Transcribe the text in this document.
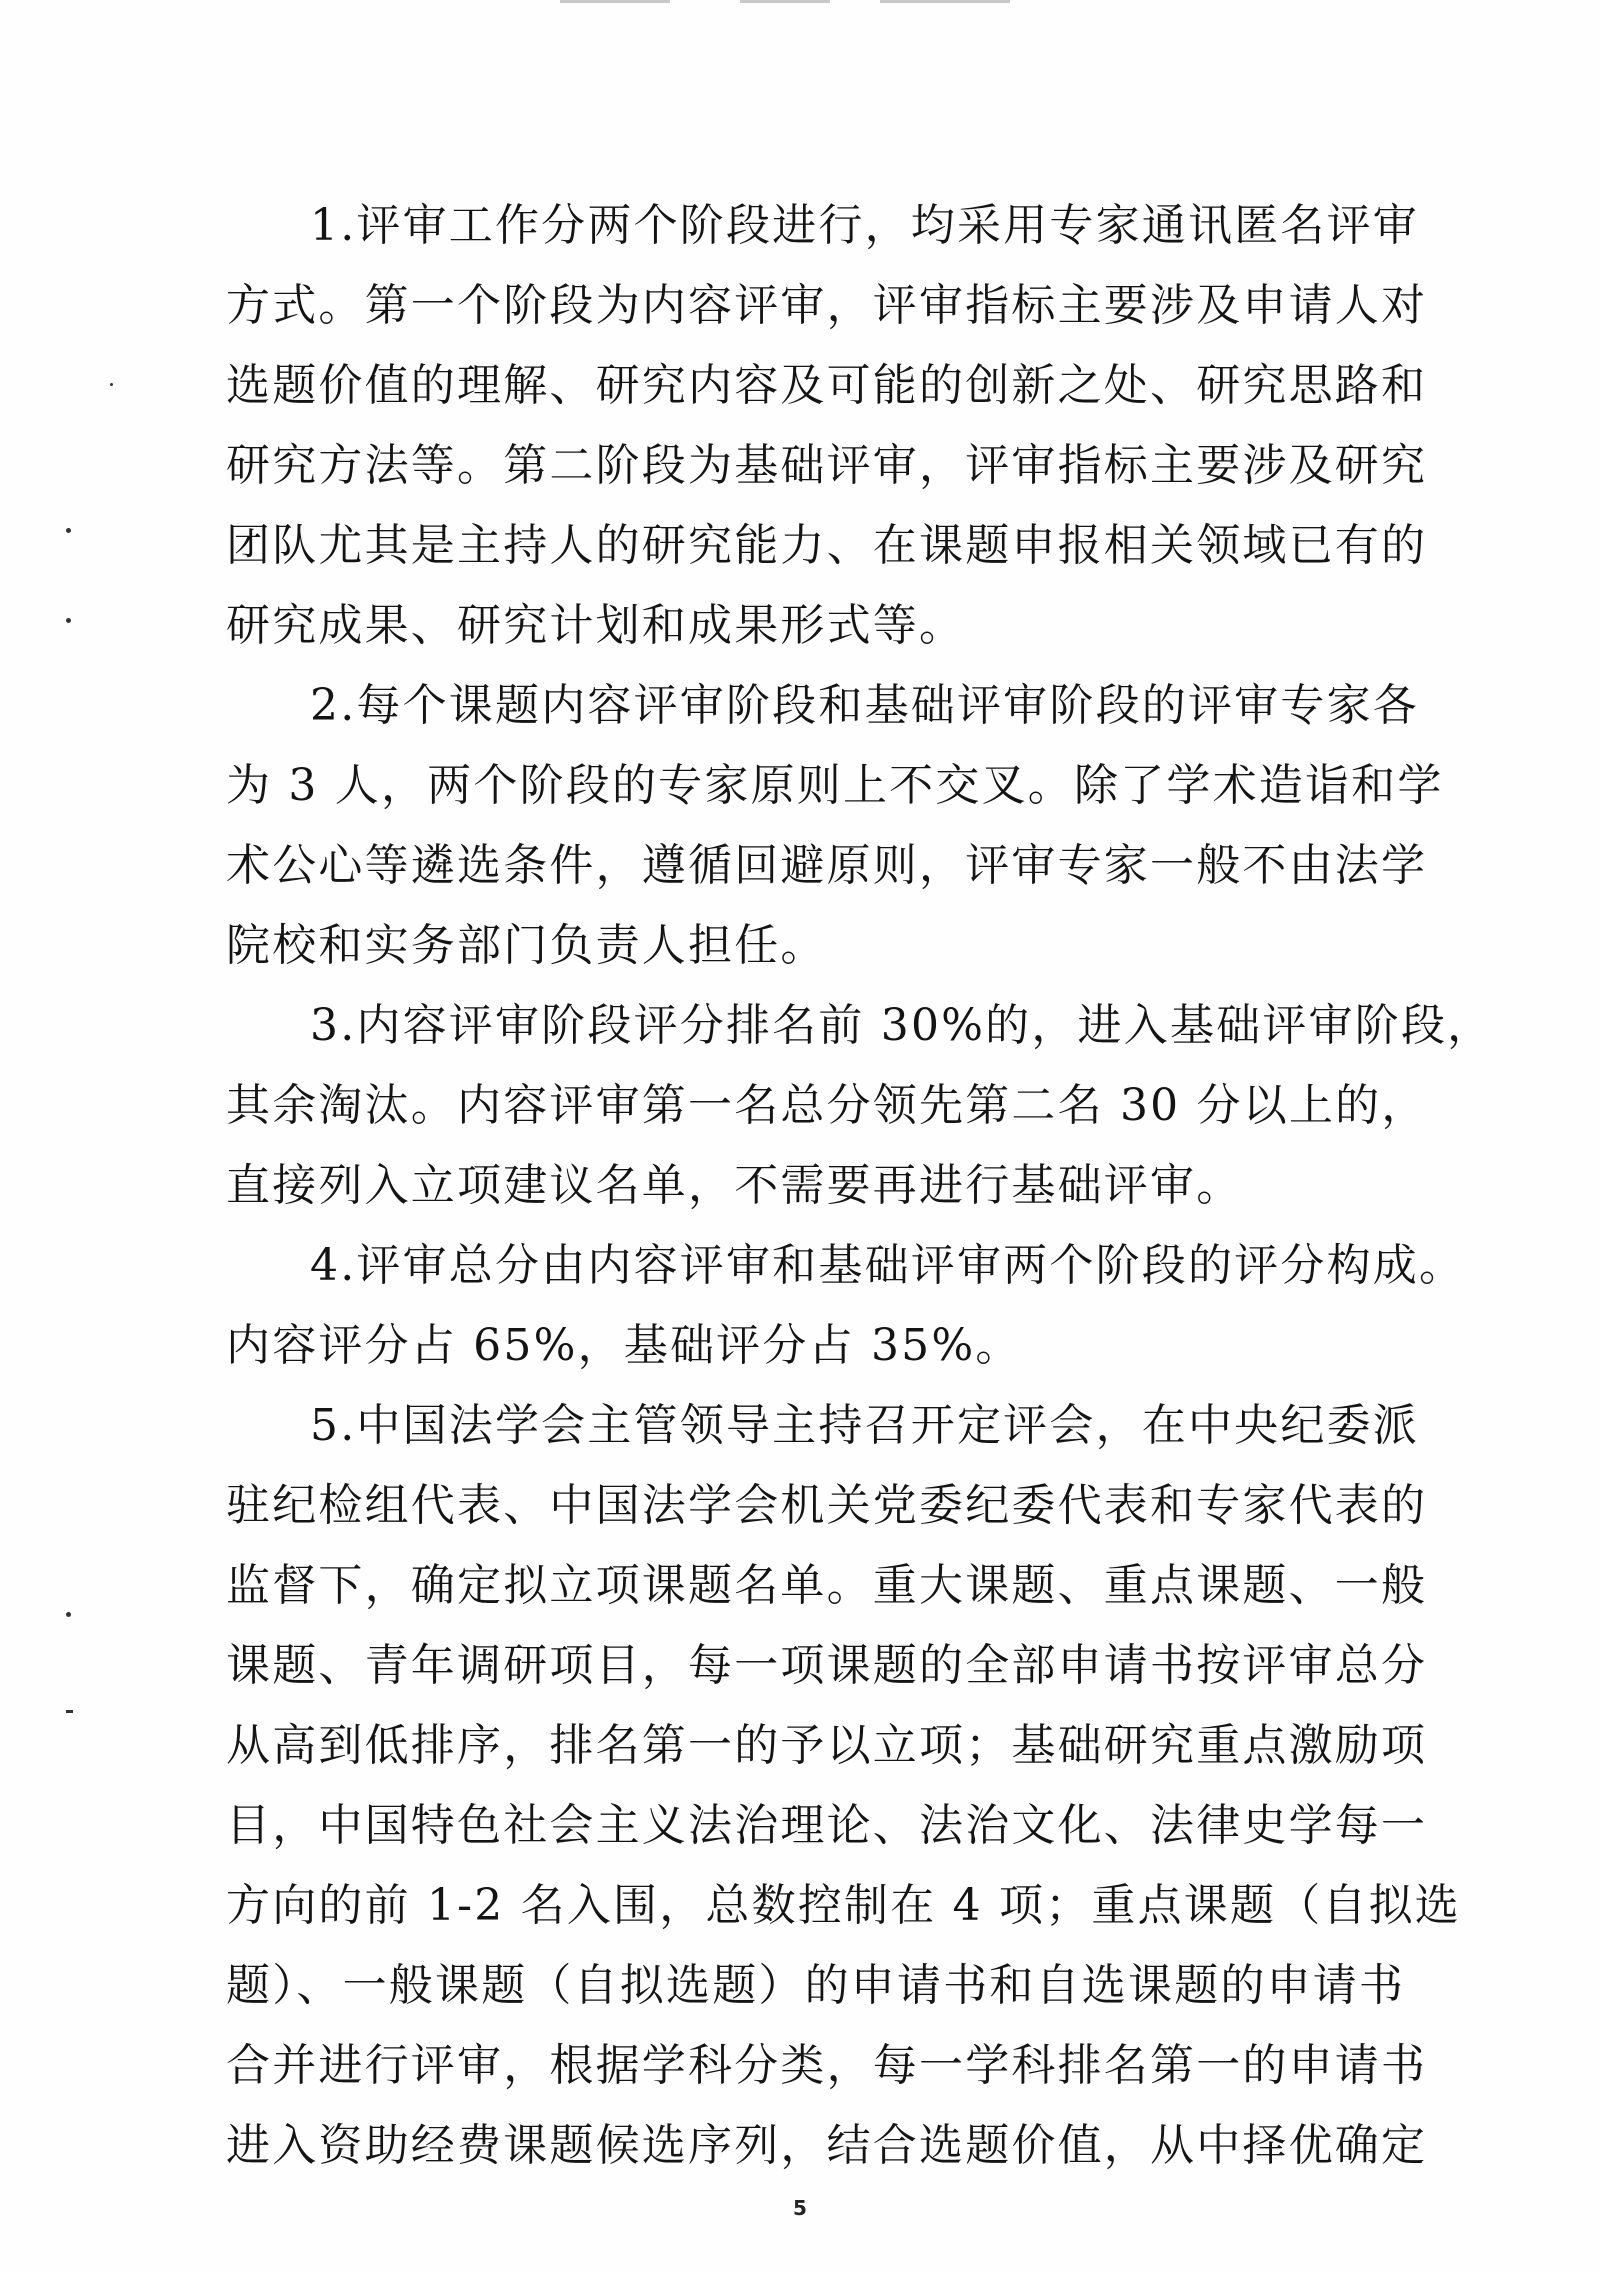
1.评审工作分两个阶段进行，均采用专家通讯匿名评审
方式。第一个阶段为内容评审，评审指标主要涉及申请人对
选题价值的理解、研究内容及可能的创新之处、研究思路和
研究方法等。第二阶段为基础评审，评审指标主要涉及研究
团队尤其是主持人的研究能力、在课题申报相关领域已有的
研究成果、研究计划和成果形式等。
2.每个课题内容评审阶段和基础评审阶段的评审专家各
为 3 人，两个阶段的专家原则上不交叉。除了学术造诣和学
术公心等遴选条件，遵循回避原则，评审专家一般不由法学
院校和实务部门负责人担任。
3.内容评审阶段评分排名前 30%的，进入基础评审阶段，
其余淘汰。内容评审第一名总分领先第二名 30 分以上的，
直接列入立项建议名单，不需要再进行基础评审。
4.评审总分由内容评审和基础评审两个阶段的评分构成。
内容评分占 65%，基础评分占 35%。
5.中国法学会主管领导主持召开定评会，在中央纪委派
驻纪检组代表、中国法学会机关党委纪委代表和专家代表的
监督下，确定拟立项课题名单。重大课题、重点课题、一般
课题、青年调研项目，每一项课题的全部申请书按评审总分
从高到低排序，排名第一的予以立项；基础研究重点激励项
目，中国特色社会主义法治理论、法治文化、法律史学每一
方向的前 1-2 名入围，总数控制在 4 项；重点课题（自拟选
题）、一般课题（自拟选题）的申请书和自选课题的申请书
合并进行评审，根据学科分类，每一学科排名第一的申请书
进入资助经费课题候选序列，结合选题价值，从中择优确定
5
